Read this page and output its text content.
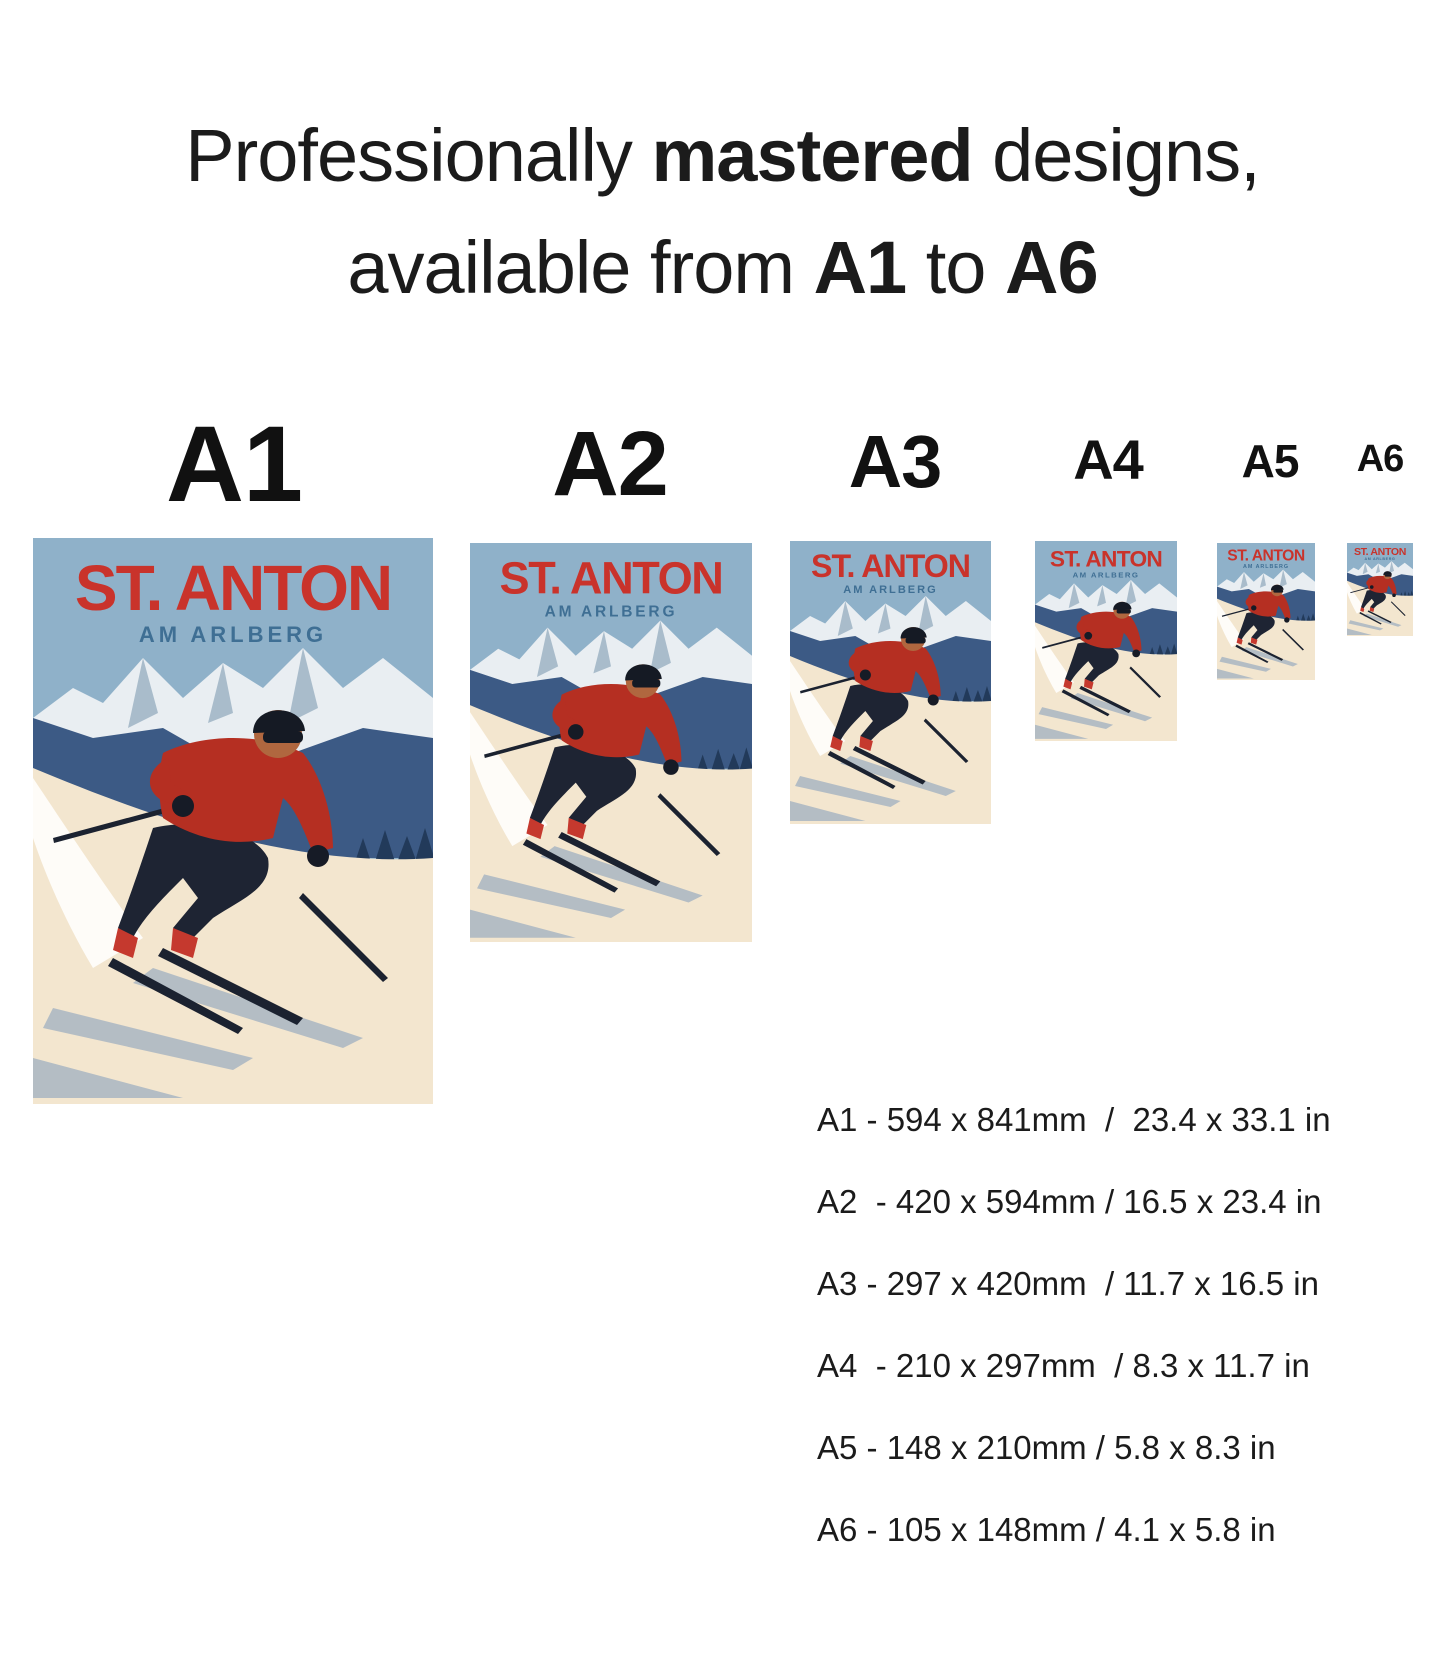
Professionally mastered designs,
available from A1 to A6
A1	A2	A3	A4	A5	A6
ST. ANTON
AM ARLBERG
ST. ANTON
AM ARLBERG
ST. ANTON
AM ARLBERG
ST. ANTON
AM ARLBERG
ST. ANTON
AM ARLBERG
ST. ANTON
AM ARLBERG
A1 - 594 x 841mm  /  23.4 x 33.1 in
A2  - 420 x 594mm / 16.5 x 23.4 in
A3 - 297 x 420mm  / 11.7 x 16.5 in
A4  - 210 x 297mm  / 8.3 x 11.7 in
A5 - 148 x 210mm / 5.8 x 8.3 in
A6 - 105 x 148mm / 4.1 x 5.8 in
